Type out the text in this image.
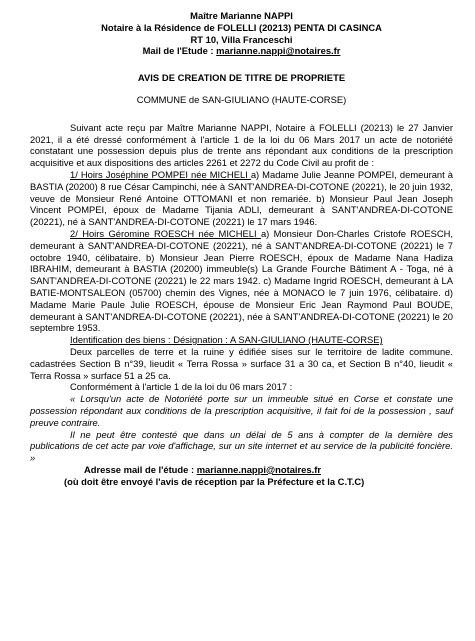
Maître Marianne NAPPI
Notaire à la Résidence de FOLELLI (20213) PENTA DI CASINCA
RT 10, Villa Franceschi
Mail de l'Etude : marianne.nappi@notaires.fr
AVIS DE CREATION DE TITRE DE PROPRIETE
COMMUNE de SAN-GIULIANO (HAUTE-CORSE)

Suivant acte reçu par Maître Marianne NAPPI, Notaire à FOLELLI (20213) le 27 Janvier 2021, il a été dressé conformément à l'article 1 de la loi du 06 Mars 2017 un acte de notoriété constatant une possession depuis plus de trente ans répondant aux conditions de la prescription acquisitive et aux dispositions des articles 2261 et 2272 du Code Civil au profit de :

1/ Hoirs Joséphine POMPEI née MICHELI a) Madame Julie Jeanne POMPEI, demeurant à BASTIA (20200) 8 rue César Campinchi, née à SANT'ANDREA-DI-COTONE (20221), le 20 juin 1932, veuve de Monsieur René Antoine OTTOMANI et non remariée. b) Monsieur Paul Jean Joseph Vincent POMPEI, époux de Madame Tijania ADLI, demeurant à SANT'ANDREA-DI-COTONE (20221), né à SANT'ANDREA-DI-COTONE (20221) le 17 mars 1946.

2/ Hoirs Géromine ROESCH née MICHELI a) Monsieur Don-Charles Cristofe ROESCH, demeurant à SANT'ANDREA-DI-COTONE (20221), né à SANT'ANDREA-DI-COTONE (20221) le 7 octobre 1940, célibataire. b) Monsieur Jean Pierre ROESCH, époux de Madame Nana Hadiza IBRAHIM, demeurant à BASTIA (20200) immeuble(s) La Grande Fourche Bâtiment A - Toga, né à SANT'ANDREA-DI-COTONE (20221) le 22 mars 1942. c) Madame Ingrid ROESCH, demeurant à LA BATIE-MONTSALEON (05700) chemin des Vignes, née à MONACO le 7 juin 1976, célibataire. d) Madame Marie Paule Julie ROESCH, épouse de Monsieur Eric Jean Raymond Paul BOUDE, demeurant à SANT'ANDREA-DI-COTONE (20221), née à SANT'ANDREA-DI-COTONE (20221) le 20 septembre 1953.

Identification des biens : Désignation : A SAN-GIULIANO (HAUTE-CORSE)

Deux parcelles de terre et la ruine y édifiée sises sur le territoire de ladite commune. cadastrées Section B n°39, lieudit « Terra Rossa » surface 31 a 30 ca, et Section B n°40, lieudit « Terra Rossa » surface 51 a 25 ca.

Conformément à l'article 1 de la loi du 06 mars 2017 :

« Lorsqu'un acte de Notoriété porte sur un immeuble situé en Corse et constate une possession répondant aux conditions de la prescription acquisitive, il fait foi de la possession , sauf preuve contraire.

Il ne peut être contesté que dans un délai de 5 ans à compter de la dernière des publications de cet acte par voie d'affichage, sur un site internet et au service de la publicité foncière. »

Adresse mail de l'étude : marianne.nappi@notaires.fr

(où doit être envoyé l'avis de réception par la Préfecture et la C.T.C)
